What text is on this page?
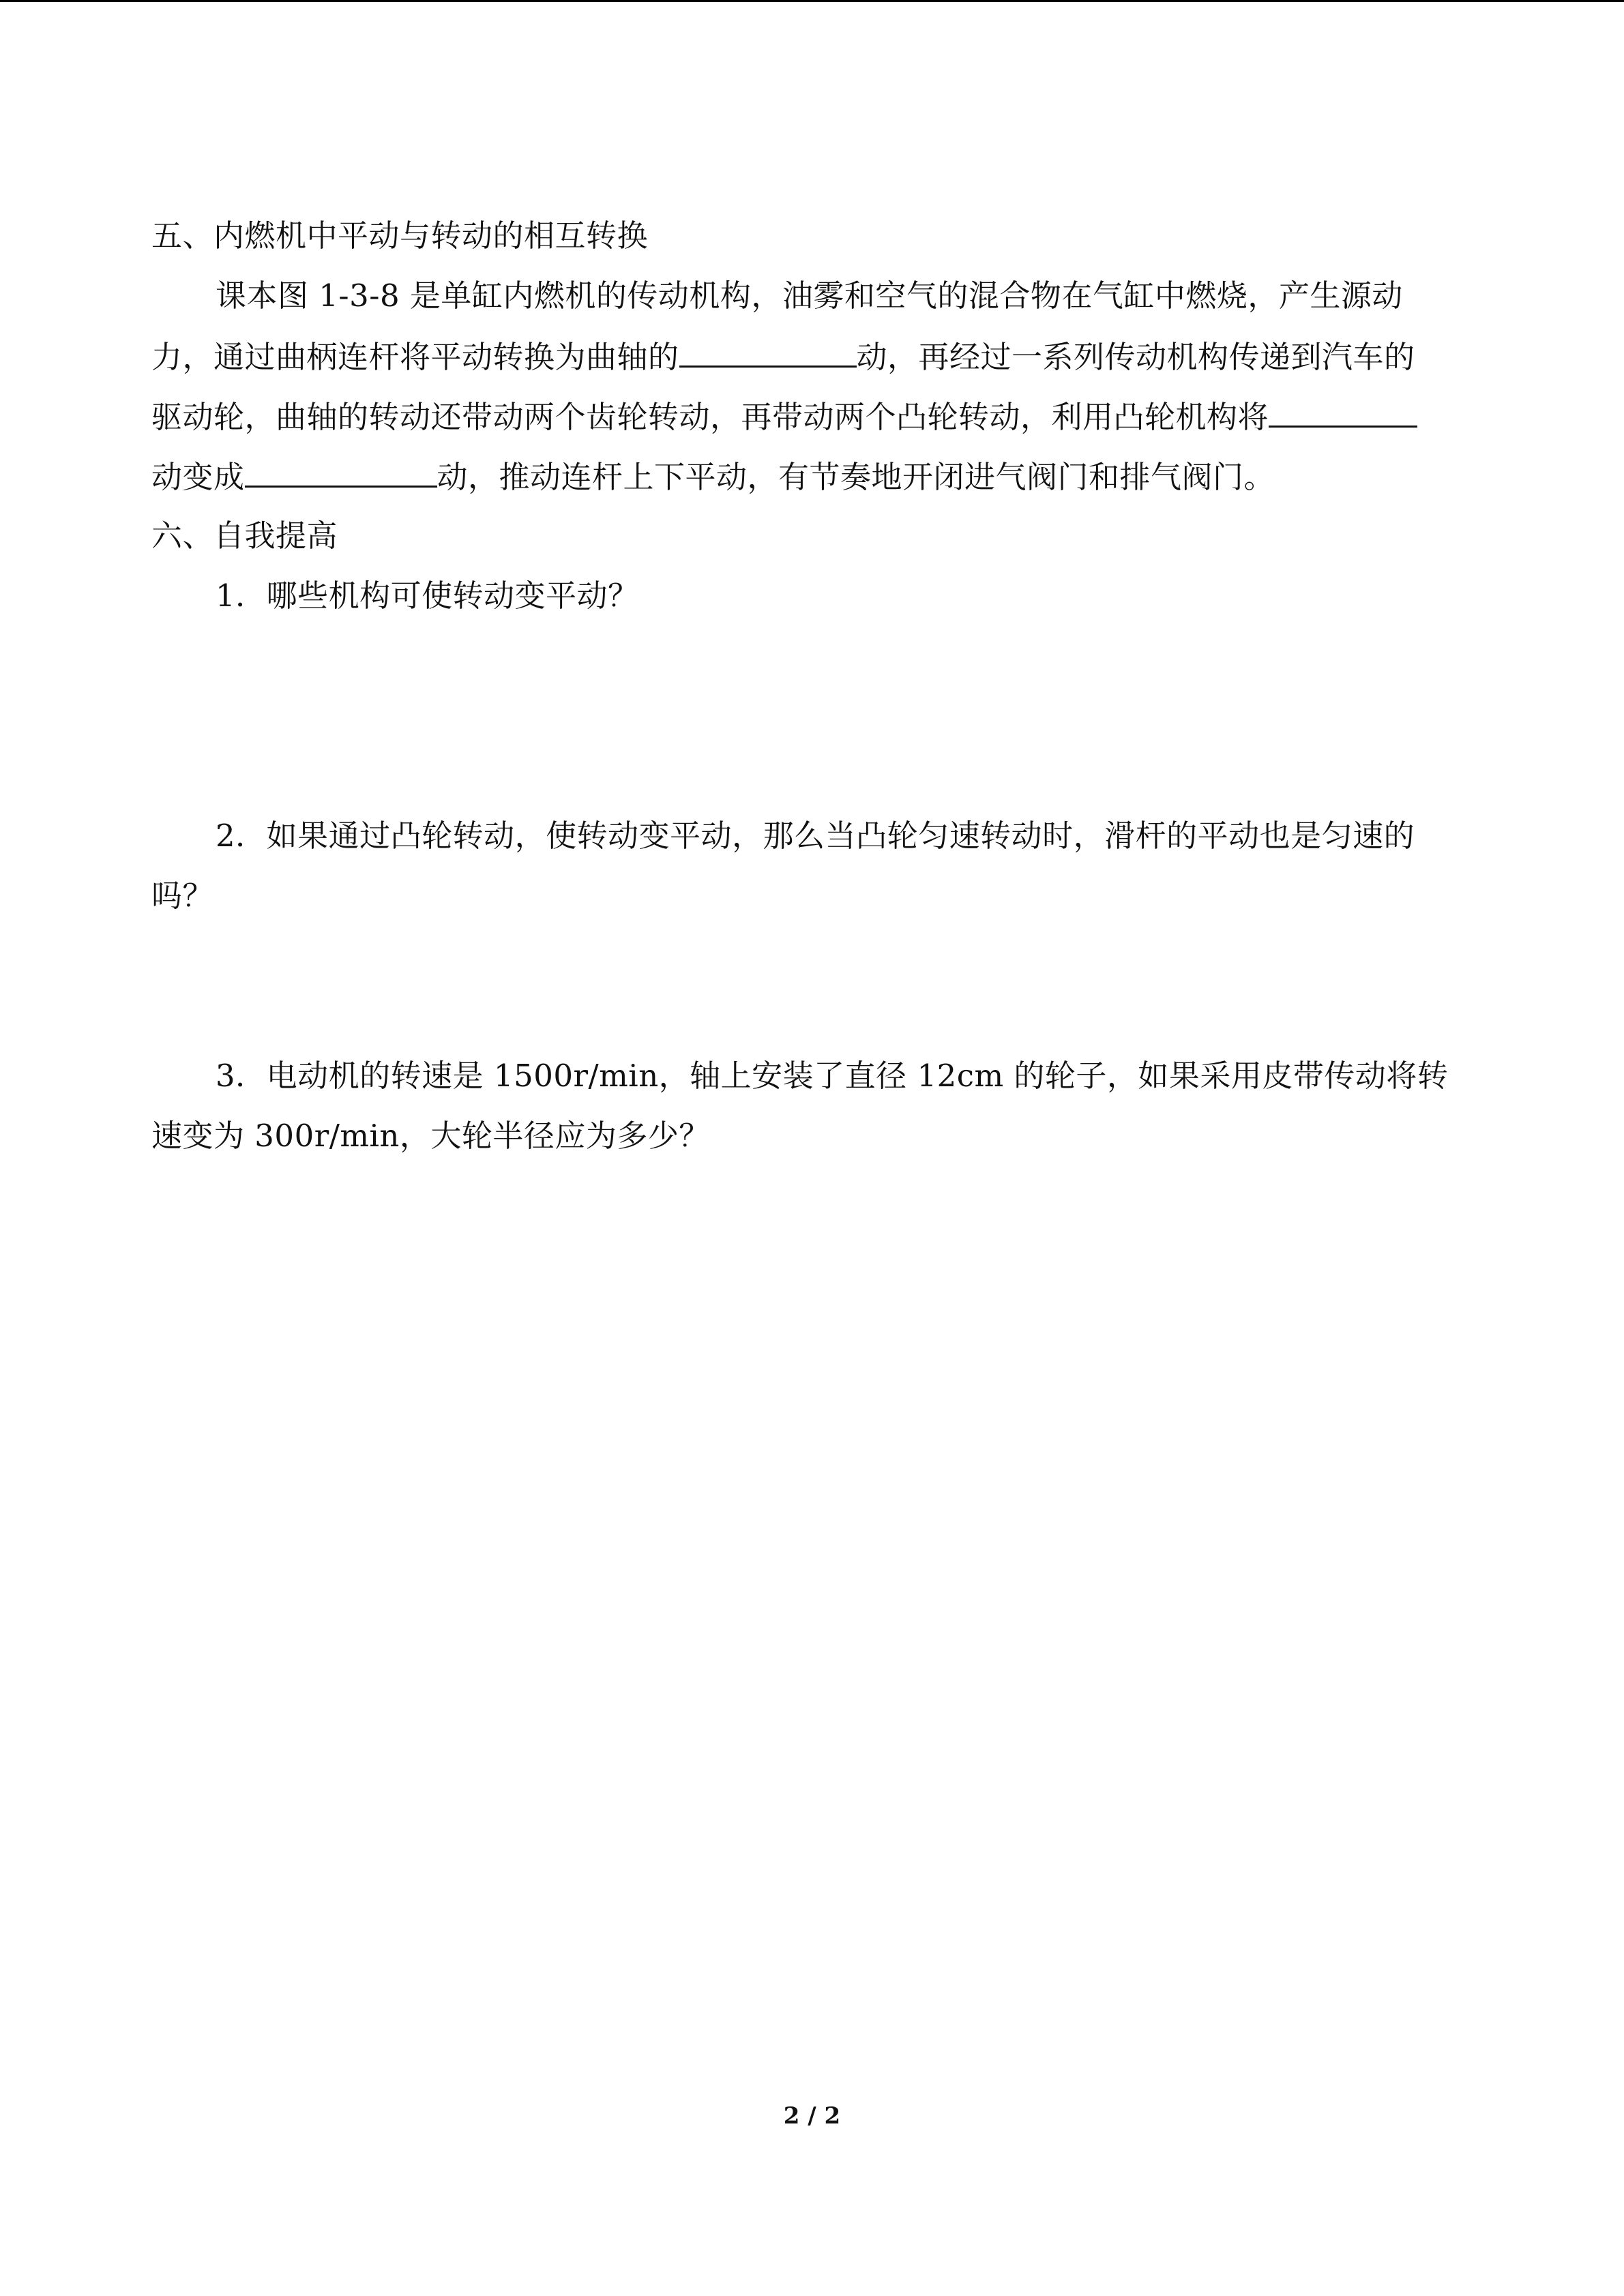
五、内燃机中平动与转动的相互转换
课本图 1-3-8 是单缸内燃机的传动机构，油雾和空气的混合物在气缸中燃烧，产生源动
力，通过曲柄连杆将平动转换为曲轴的	动，再经过一系列传动机构传递到汽车的
驱动轮，曲轴的转动还带动两个齿轮转动，再带动两个凸轮转动，利用凸轮机构将
动变成	动，推动连杆上下平动，有节奏地开闭进气阀门和排气阀门。
六、自我提高
1．哪些机构可使转动变平动？
2．如果通过凸轮转动，使转动变平动，那么当凸轮匀速转动时，滑杆的平动也是匀速的
吗？
3．电动机的转速是 1500r/min，轴上安装了直径 12cm 的轮子，如果采用皮带传动将转
速变为 300r/min，大轮半径应为多少？
2 / 2
